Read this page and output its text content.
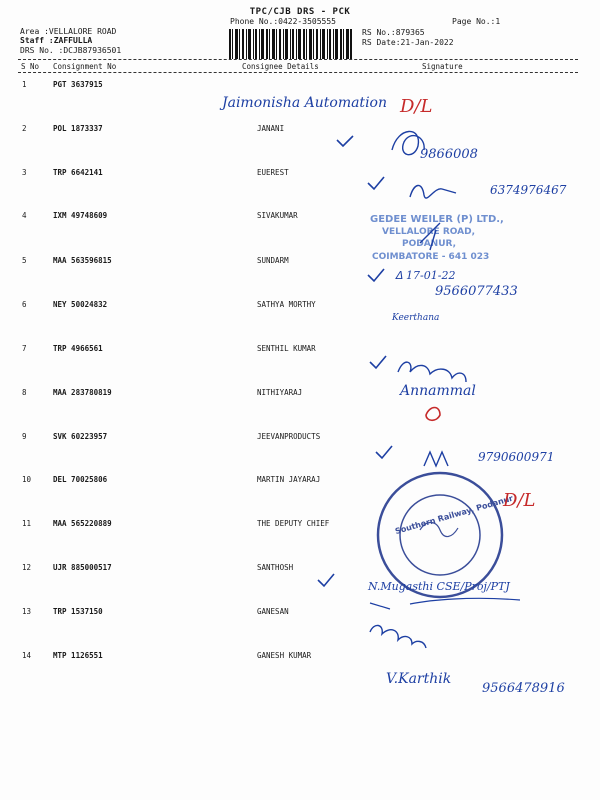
TPC/CJB DRS - PCK
Phone No.:0422-3505555	Page No.:1
Area :VELLALORE ROAD
Staff :ZAFFULLA
DRS No. :DCJB87936501
RS No.:879365
RS Date:21-Jan-2022
S No Consignment No	Consignee Details	Signature
1	PGT 3637915
2	POL 1873337	JANANI
3	TRP 6642141	EUEREST
4	IXM 49748609	SIVAKUMAR
5	MAA 563596815	SUNDARM
6	NEY 50024832	SATHYA MORTHY
7	TRP 4966561	SENTHIL KUMAR
8	MAA 283780819	NITHIYARAJ
9	SVK 60223957	JEEVANPRODUCTS
10	DEL 70025806	MARTIN JAYARAJ
11	MAA 565220889	THE DEPUTY CHIEF
12	UJR 885000517	SANTHOSH
13	TRP 1537150	GANESAN
14	MTP 1126551	GANESH KUMAR
Jaimonisha Automation D/L
9866008
6374976467
GEDEE WEILER (P) LTD.,
VELLALORE ROAD,
PODANUR,
COIMBATORE - 641 023
ᐃ 17-01-22
9566077433
Keerthana
Annammal
9790600971
Southern Railway, Podanur
D/L
N.Mugasthi CSE/Proj/PTJ
V.Karthik
9566478916
